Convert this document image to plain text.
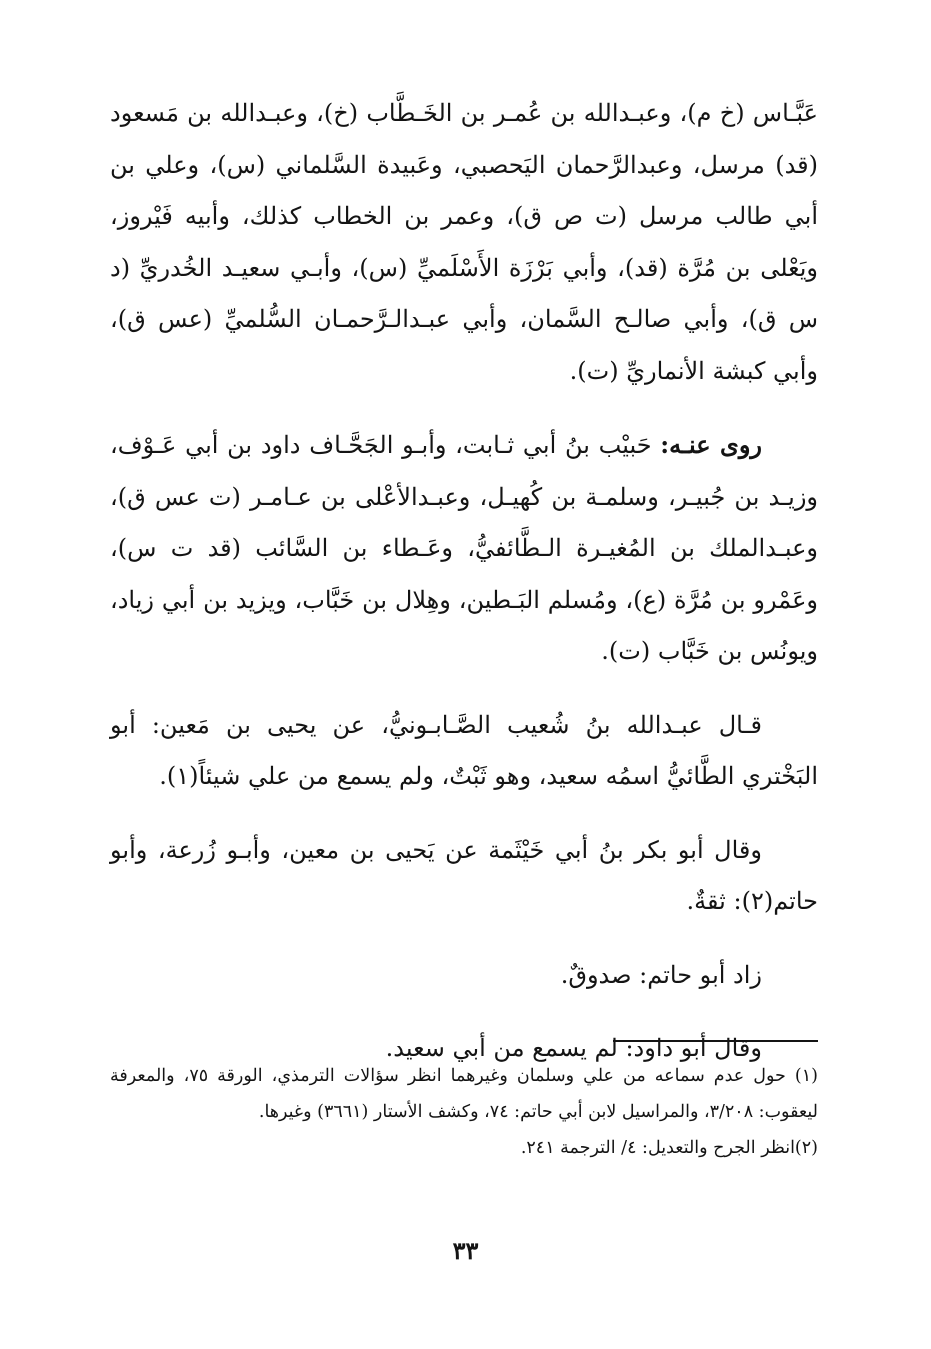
عَبَّـاس (خ م)، وعبـدالله بن عُمـر بن الخَـطَّاب (خ)، وعبـدالله بن مَسعود (قد) مرسل، وعبدالرَّحمان اليَحصبي، وعَبيدة السَّلماني (س)، وعلي بن أبي طالب مرسل (ت ص ق)، وعمر بن الخطاب كذلك، وأبيه فَيْروز، ويَعْلى بن مُرَّة (قد)، وأبي بَرْزَة الأَسْلَميِّ (س)، وأبـي سعيـد الخُدريِّ (د س ق)، وأبي صالـح السَّمان، وأبي عبـدالـرَّحمـان السُّلميِّ (عس ق)، وأبي كبشة الأنماريِّ (ت).

روى عنـه: حَبيْب بنُ أبي ثـابت، وأبـو الجَحَّـاف داود بن أبي عَـوْف، وزيـد بن جُبيـر، وسلمـة بن كُهيـل، وعبـدالأعْلى بن عـامـر (ت عس ق)، وعبـدالملك بن المُغيـرة الـطَّائفيُّ، وعَـطاء بن السَّائب (قد ت س)، وعَمْرو بن مُرَّة (ع)، ومُسلم البَـطين، وهِلال بن خَبَّاب، ويزيد بن أبي زياد، ويونُس بن خَبَّاب (ت).

قـال عبـدالله بنُ شُعيب الصَّـابـونيُّ، عن يحيى بن مَعين: أبو البَخْتري الطَّائيُّ اسمُه سعيد، وهو ثَبْتٌ، ولم يسمع من علي شيئاً(١).

وقال أبو بكر بنُ أبي خَيْثَمة عن يَحيى بن معين، وأبـو زُرعة، وأبو حاتم(٢): ثقةٌ.

زاد أبو حاتم: صدوقٌ.

وقال أبو داود: لم يسمع من أبي سعيد.

(١) حول عدم سماعه من علي وسلمان وغيرهما انظر سؤالات الترمذي، الورقة ٧٥، والمعرفة ليعقوب: ٣/٢٠٨، والمراسيل لابن أبي حاتم: ٧٤، وكشف الأستار (٣٦٦١) وغيرها.

(٢)انظر الجرح والتعديل: ٤/ الترجمة ٢٤١.

٣٣
